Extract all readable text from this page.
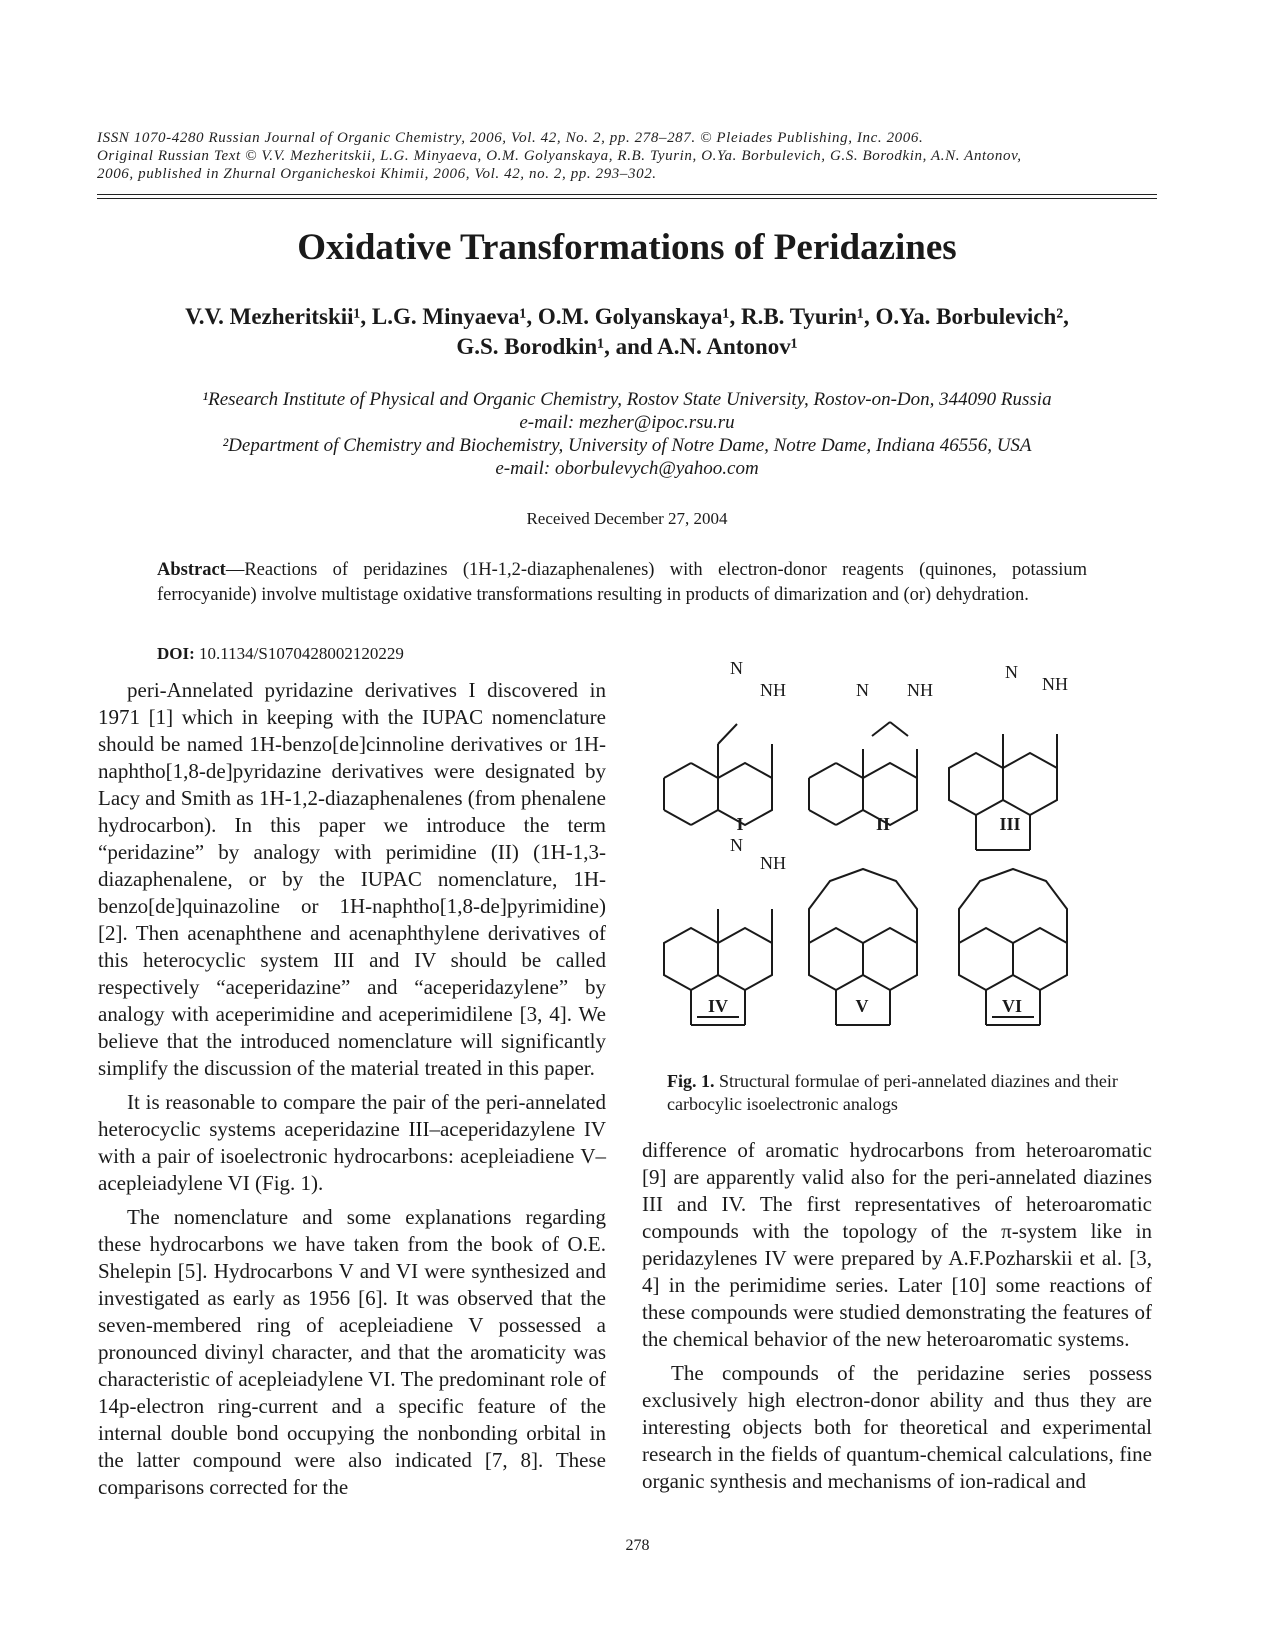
ISSN 1070-4280 Russian Journal of Organic Chemistry, 2006, Vol. 42, No. 2, pp. 278–287. © Pleiades Publishing, Inc. 2006.
Original Russian Text © V.V. Mezheritskii, L.G. Minyaeva, O.M. Golyanskaya, R.B. Tyurin, O.Ya. Borbulevich, G.S. Borodkin, A.N. Antonov,
2006, published in Zhurnal Organicheskoi Khimii, 2006, Vol. 42, no. 2, pp. 293–302.
Oxidative Transformations of Peridazines
V.V. Mezheritskii¹, L.G. Minyaeva¹, O.M. Golyanskaya¹, R.B. Tyurin¹, O.Ya. Borbulevich²,
G.S. Borodkin¹, and A.N. Antonov¹
¹Research Institute of Physical and Organic Chemistry, Rostov State University, Rostov-on-Don, 344090 Russia
e-mail: mezher@ipoc.rsu.ru
²Department of Chemistry and Biochemistry, University of Notre Dame, Notre Dame, Indiana 46556, USA
e-mail: oborbulevych@yahoo.com
Received December 27, 2004
Abstract—Reactions of peridazines (1H-1,2-diazaphenalenes) with electron-donor reagents (quinones, potassium ferrocyanide) involve multistage oxidative transformations resulting in products of dimarization and (or) dehydration.
DOI: 10.1134/S1070428002120229

peri-Annelated pyridazine derivatives I discovered in 1971 [1] which in keeping with the IUPAC nomenclature should be named 1H-benzo[de]cinnoline derivatives or 1H-naphtho[1,8-de]pyridazine derivatives were designated by Lacy and Smith as 1H-1,2-diazaphenalenes (from phenalene hydrocarbon). In this paper we introduce the term “peridazine” by analogy with perimidine (II) (1H-1,3-diazaphenalene, or by the IUPAC nomenclature, 1H-benzo[de]quinazoline or 1H-naphtho[1,8-de]pyrimidine) [2]. Then acenaphthene and acenaphthylene derivatives of this heterocyclic system III and IV should be called respectively “aceperidazine” and “aceperidazylene” by analogy with aceperimidine and aceperimidilene [3, 4]. We believe that the introduced nomenclature will significantly simplify the discussion of the material treated in this paper.

It is reasonable to compare the pair of the peri-annelated heterocyclic systems aceperidazine III–aceperidazylene IV with a pair of isoelectronic hydrocarbons: acepleiadiene V–acepleiadylene VI (Fig. 1).

The nomenclature and some explanations regarding these hydrocarbons we have taken from the book of O.E. Shelepin [5]. Hydrocarbons V and VI were synthesized and investigated as early as 1956 [6]. It was observed that the seven-membered ring of acepleiadiene V possessed a pronounced divinyl character, and that the aromaticity was characteristic of acepleiadylene VI. The predominant role of 14p-electron ring-current and a specific feature of the internal double bond occupying the nonbonding orbital in the latter compound were also indicated [7, 8]. These comparisons corrected for the

N
NH	N NH
N
NH
N
NH
I	II	III
IV	V	VI
Fig. 1. Structural formulae of peri-annelated diazines and their carbocylic isoelectronic analogs

difference of aromatic hydrocarbons from heteroaromatic [9] are apparently valid also for the peri-annelated diazines III and IV. The first representatives of heteroaromatic compounds with the topology of the π-system like in peridazylenes IV were prepared by A.F.Pozharskii et al. [3, 4] in the perimidime series. Later [10] some reactions of these compounds were studied demonstrating the features of the chemical behavior of the new heteroaromatic systems.

The compounds of the peridazine series possess exclusively high electron-donor ability and thus they are interesting objects both for theoretical and experimental research in the fields of quantum-chemical calculations, fine organic synthesis and mechanisms of ion-radical and

278
